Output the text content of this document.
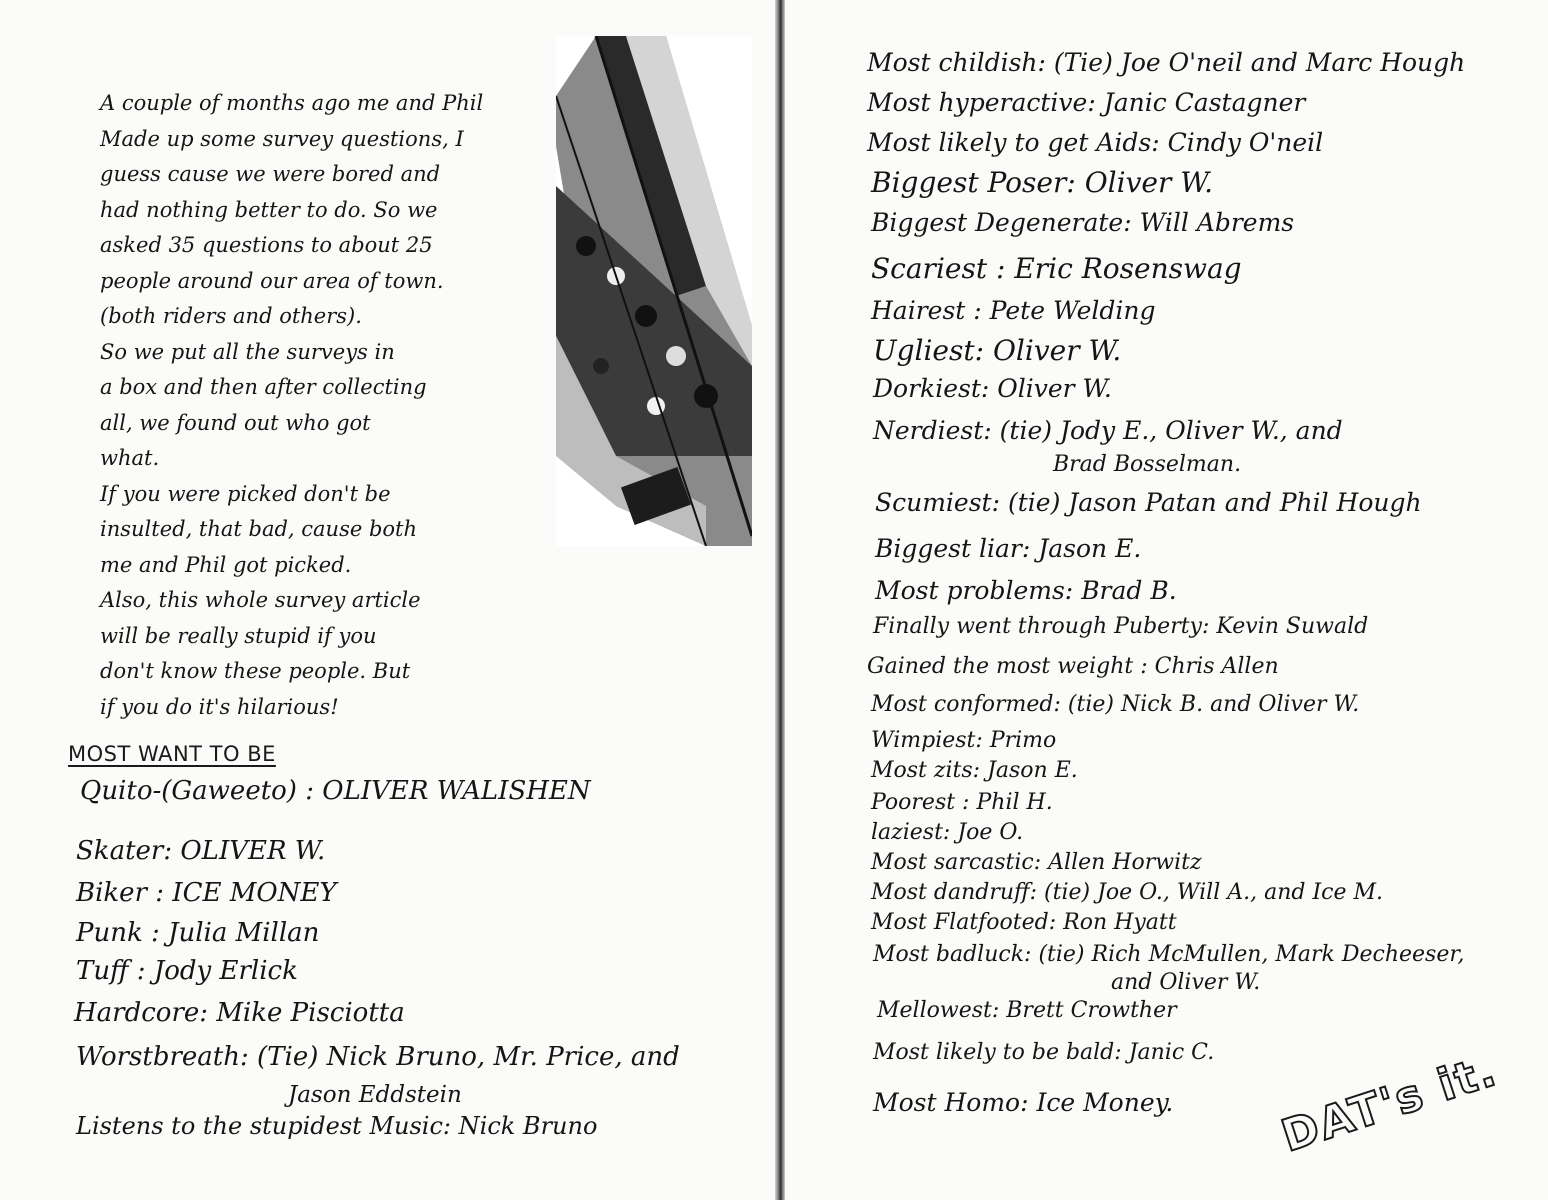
A couple of months ago me and Phil
Made up some survey questions, I
guess cause we were bored and
had nothing better to do. So we
asked 35 questions to about 25
people around our area of town.
(both riders and others).

So we put all the surveys in
a box and then after collecting
all, we found out who got
what.

If you were picked don't be
insulted, that bad, cause both
me and Phil got picked.

Also, this whole survey article
will be really stupid if you
don't know these people. But
if you do it's hilarious!

MOST WANT TO BE
Quito-(Gaweeto) : OLIVER WALISHEN
Skater: OLIVER W.
Biker : ICE MONEY
Punk : Julia Millan
Tuff : Jody Erlick
Hardcore: Mike Pisciotta
Worstbreath: (Tie) Nick Bruno, Mr. Price, and
Jason Eddstein
Listens to the stupidest Music: Nick Bruno
Most childish: (Tie) Joe O'neil and Marc Hough
Most hyperactive: Janic Castagner
Most likely to get Aids: Cindy O'neil
Biggest Poser: Oliver W.
Biggest Degenerate: Will Abrems
Scariest : Eric Rosenswag
Hairest : Pete Welding
Ugliest: Oliver W.
Dorkiest: Oliver W.
Nerdiest: (tie) Jody E., Oliver W., and
Brad Bosselman.
Scumiest: (tie) Jason Patan and Phil Hough
Biggest liar: Jason E.
Most problems: Brad B.
Finally went through Puberty: Kevin Suwald
Gained the most weight : Chris Allen
Most conformed: (tie) Nick B. and Oliver W.
Wimpiest: Primo
Most zits: Jason E.
Poorest : Phil H.
laziest: Joe O.
Most sarcastic: Allen Horwitz
Most dandruff: (tie) Joe O., Will A., and Ice M.
Most Flatfooted: Ron Hyatt
Most badluck: (tie) Rich McMullen, Mark Decheeser,
and Oliver W.
Mellowest: Brett Crowther
Most likely to be bald: Janic C.
Most Homo: Ice Money. DAT's it.
